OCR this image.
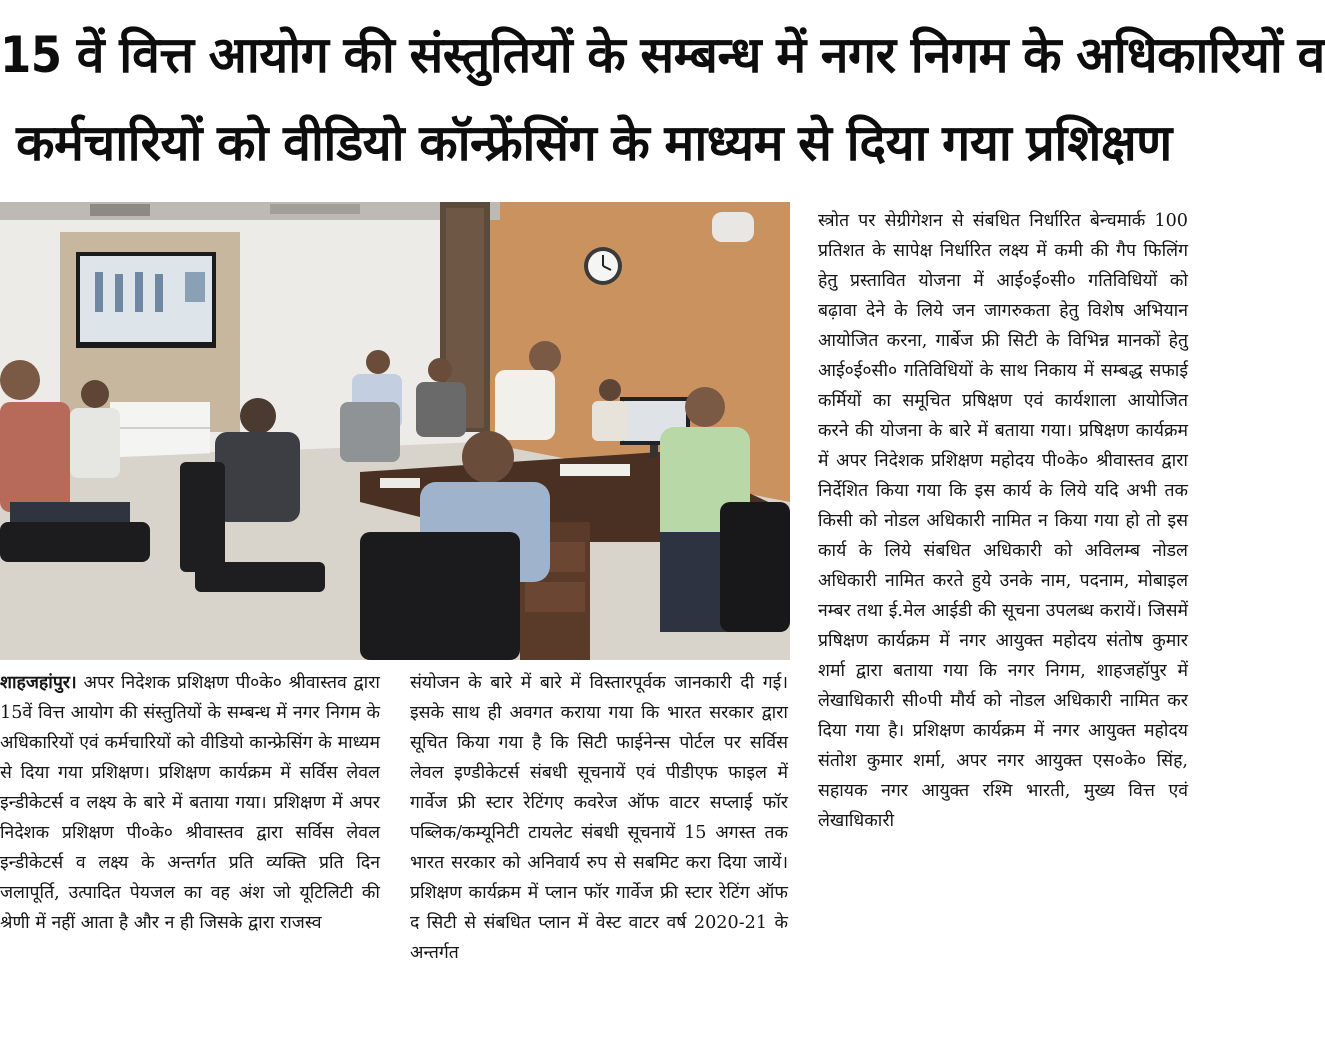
15 वें वित्त आयोग की संस्तुतियों के सम्बन्ध में नगर निगम के अधिकारियों व
कर्मचारियों को वीडियो कॉन्फ्रेंसिंग के माध्यम से दिया गया प्रशिक्षण

शाहजहांपुर। अपर निदेशक प्रशिक्षण पी०के० श्रीवास्तव द्वारा 15वें वित्त आयोग की संस्तुतियों के सम्बन्ध में नगर निगम के अधिकारियों एवं कर्मचारियों को वीडियो कान्फ्रेसिंग के माध्यम से दिया गया प्रशिक्षण। प्रशिक्षण कार्यक्रम में सर्विस लेवल इन्डीकेटर्स व लक्ष्य के बारे में बताया गया। प्रशिक्षण में अपर निदेशक प्रशिक्षण पी०के० श्रीवास्तव द्वारा सर्विस लेवल इन्डीकेटर्स व लक्ष्य के अन्तर्गत प्रति व्यक्ति प्रति दिन जलापूर्ति, उत्पादित पेयजल का वह अंश जो यूटिलिटी की श्रेणी में नहीं आता है और न ही जिसके द्वारा राजस्व

संयोजन के बारे में बारे में विस्तारपूर्वक जानकारी दी गई। इसके साथ ही अवगत कराया गया कि भारत सरकार द्वारा सूचित किया गया है कि सिटी फाईनेन्स पोर्टल पर सर्विस लेवल इण्डीकेटर्स संबधी सूचनायें एवं पीडीएफ फाइल में गार्वेज फ्री स्टार रेटिंगए कवरेज ऑफ वाटर सप्लाई फॉर पब्लिक/कम्यूनिटी टायलेट संबधी सूचनायें 15 अगस्त तक भारत सरकार को अनिवार्य रुप से सबमिट करा दिया जायें। प्रशिक्षण कार्यक्रम में प्लान फॉर गार्वेज फ्री स्टार रेटिंग ऑफ द सिटी से संबधित प्लान में वेस्ट वाटर वर्ष 2020-21 के अन्तर्गत

स्त्रोत पर सेग्रीगेशन से संबधित निर्धारित बेन्चमार्क 100 प्रतिशत के सापेक्ष निर्धारित लक्ष्य में कमी की गैप फिलिंग हेतु प्रस्तावित योजना में आई०ई०सी० गतिविधियों को बढ़ावा देने के लिये जन जागरुकता हेतु विशेष अभियान आयोजित करना, गार्बेज फ्री सिटी के विभिन्न मानकों हेतु आई०ई०सी० गतिविधियों के साथ निकाय में सम्बद्ध सफाई कर्मियों का समूचित प्रषिक्षण एवं कार्यशाला आयोजित करने की योजना के बारे में बताया गया। प्रषिक्षण कार्यक्रम में अपर निदेशक प्रशिक्षण महोदय पी०के० श्रीवास्तव द्वारा निर्देशित किया गया कि इस कार्य के लिये यदि अभी तक किसी को नोडल अधिकारी नामित न किया गया हो तो इस कार्य के लिये संबधित अधिकारी को अविलम्ब नोडल अधिकारी नामित करते हुये उनके नाम, पदनाम, मोबाइल नम्बर तथा ई.मेल आईडी की सूचना उपलब्ध करायें। जिसमें प्रषिक्षण कार्यक्रम में नगर आयुक्त महोदय संतोष कुमार शर्मा द्वारा बताया गया कि नगर निगम, शाहजहॉपुर में लेखाधिकारी सी०पी मौर्य को नोडल अधिकारी नामित कर दिया गया है। प्रशिक्षण कार्यक्रम में नगर आयुक्त महोदय संतोश कुमार शर्मा, अपर नगर आयुक्त एस०के० सिंह, सहायक नगर आयुक्त रश्मि भारती, मुख्य वित्त एवं लेखाधिकारी
